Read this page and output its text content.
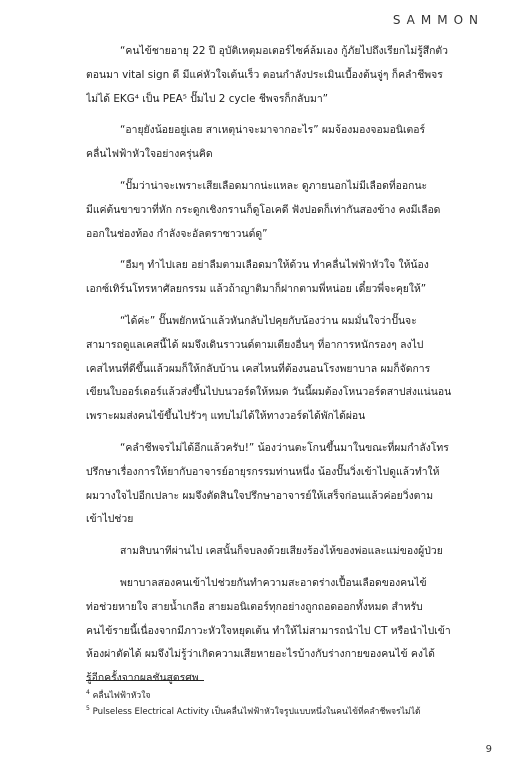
SAMMON
“คนไข้ชายอายุ 22 ปี อุบัติเหตุมอเตอร์ไซค์ล้มเอง กู้ภัยไปถึงเรียกไม่รู้สึกตัว
ตอนมา vital sign ดี มีแค่หัวใจเต้นเร็ว ตอนกำลังประเมินเบื้องต้นจู่ๆ ก็คลำชีพจร
ไม่ได้ EKG⁴ เป็น PEA⁵ ปั๊มไป 2 cycle ชีพจรก็กลับมา”
“อายุยังน้อยอยู่เลย สาเหตุน่าจะมาจากอะไร” ผมจ้องมองจอมอนิเตอร์
คลื่นไฟฟ้าหัวใจอย่างครุ่นคิด
“ปั๊มว่าน่าจะเพราะเสียเลือดมากน่ะแหละ ดูภายนอกไม่มีเลือดที่ออกนะ
มีแค่ต้นขาขวาที่หัก กระดูกเชิงกรานก็ดูโอเคดี ฟังปอดก็เท่ากันสองข้าง คงมีเลือด
ออกในช่องท้อง กำลังจะอัลตราซาวนด์ดู”
“อืมๆ ทำไปเลย อย่าลืมตามเลือดมาให้ด้วน ทำคลื่นไฟฟ้าหัวใจ ให้น้อง
เอกซ์เทิร์นโทรหาศัลยกรรม แล้วถ้าญาติมาก็ฝากตามพี่หน่อย เดี๋ยวพี่จะคุยให้”
“ได้ค่ะ” ปั๊นพยักหน้าแล้วหันกลับไปคุยกับน้องว่าน ผมมั่นใจว่าปั๊นจะ
สามารถดูแลเคสนี้ได้ ผมจึงเดินราวนด์ตามเตียงอื่นๆ ที่อาการหนักรองๆ ลงไป
เคสไหนที่ดีขึ้นแล้วผมก็ให้กลับบ้าน เคสไหนที่ต้องนอนโรงพยาบาล ผมก็จัดการ
เขียนใบออร์เดอร์แล้วส่งขึ้นไปบนวอร์ดให้หมด วันนี้ผมต้องโหนวอร์ดสาปส่งแน่นอน
เพราะผมส่งคนไข้ขึ้นไปรัวๆ แทบไม่ได้ให้ทางวอร์ดได้พักได้ผ่อน
“คลำชีพจรไม่ได้อีกแล้วครับ!” น้องว่านตะโกนขึ้นมาในขณะที่ผมกำลังโทร
ปรึกษาเรื่องการให้ยากับอาจารย์อายุรกรรมท่านหนึ่ง น้องปั๊นวิ่งเข้าไปดูแล้วทำให้
ผมวางใจไปอีกเปลาะ ผมจึงตัดสินใจปรึกษาอาจารย์ให้เสร็จก่อนแล้วค่อยวิ่งตาม
เข้าไปช่วย
สามสิบนาทีผ่านไป เคสนั้นก็จบลงด้วยเสียงร้องไห้ของพ่อและแม่ของผู้ป่วย
พยาบาลสองคนเข้าไปช่วยกันทำความสะอาดร่างเปื้อนเลือดของคนไข้
ท่อช่วยหายใจ สายน้ำเกลือ สายมอนิเตอร์ทุกอย่างถูกถอดออกทั้งหมด สำหรับ
คนไข้รายนี้เนื่องจากมีภาวะหัวใจหยุดเต้น ทำให้ไม่สามารถนำไป CT หรือนำไปเข้า
ห้องผ่าตัดได้ ผมจึงไม่รู้ว่าเกิดความเสียหายอะไรบ้างกับร่างกายของคนไข้ คงได้
รู้อีกครั้งจากผลชันสูตรศพ
$^4$ คลื่นไฟฟ้าหัวใจ
$^5$ Pulseless Electrical Activity เป็นคลื่นไฟฟ้าหัวใจรูปแบบหนึ่งในคนไข้ที่คลำชีพจรไม่ได้
9
